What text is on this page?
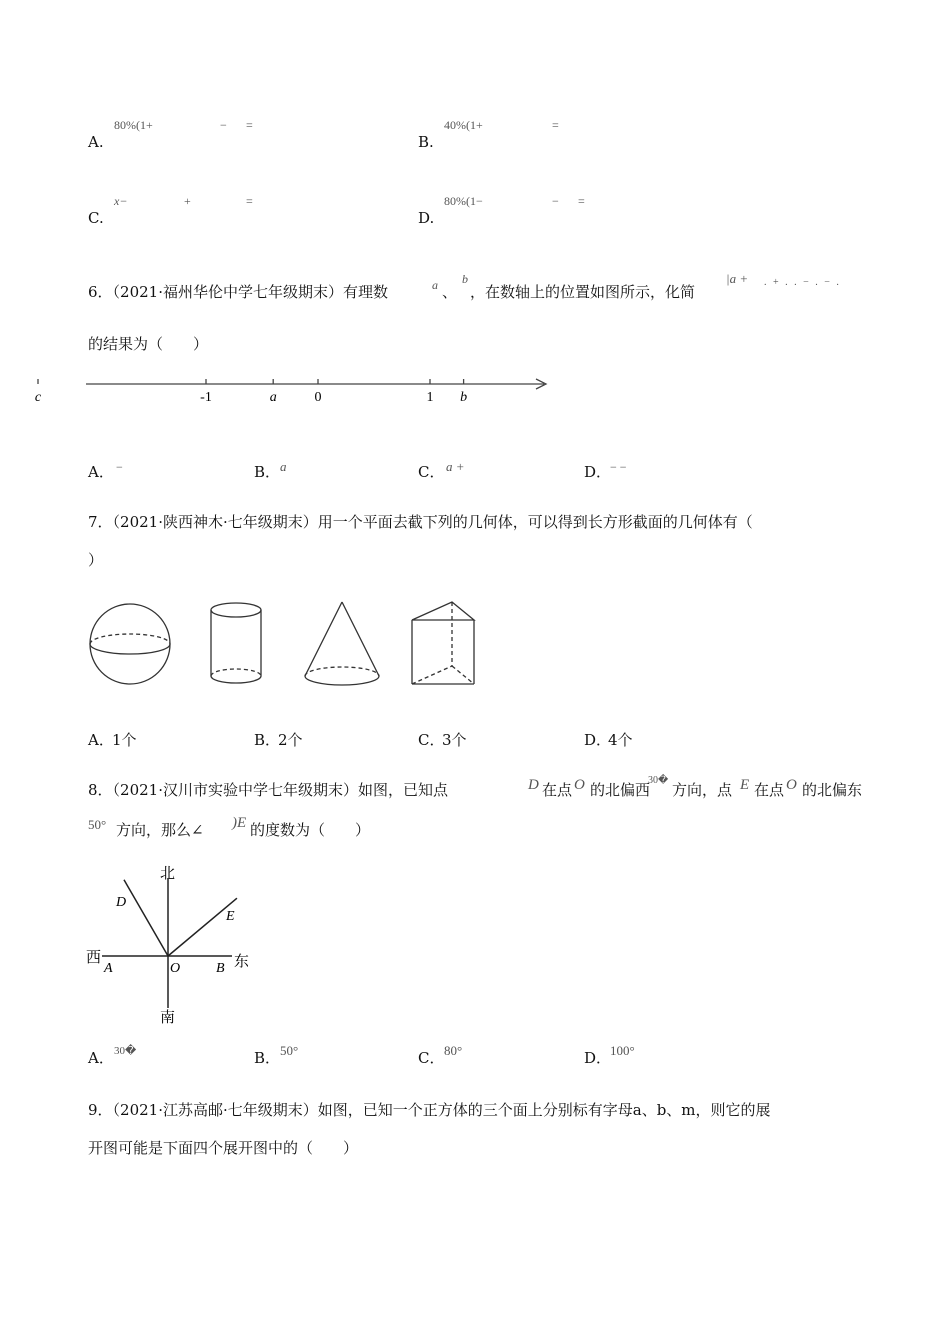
A.
80%(1+	− =
B.
40%(1+	=
C.
x−	+	=
D.
80%(1−	− =
6．（2021·福州华伦中学七年级期末）有理数	a 、
b
，在数轴上的位置如图所示，化简
|a + . + . . − . − .
的结果为（　　）
c	-1	a	0	1 b
A． −	B． a	C． a +	D．
− −
7．（2021·陕西神木·七年级期末）用一个平面去截下列的几何体，可以得到长方形截面的几何体有（
）
A．
1个	B．
2个	C．
3个	D．
4个
8．（2021·汉川市实验中学七年级期末）如图，已知点	D 在点 O 的北偏西
30�
方向，点 E 在点 O 的北偏东
50° 方向，那么∠ )E 的度数为（　　）
北
南
西	东
D
E
A	O	B
A． 30�	B． 50°	C． 80°	D．
100°
9．（2021·江苏高邮·七年级期末）如图，已知一个正方体的三个面上分别标有字母a、b、m，则它的展
开图可能是下面四个展开图中的（　　）
